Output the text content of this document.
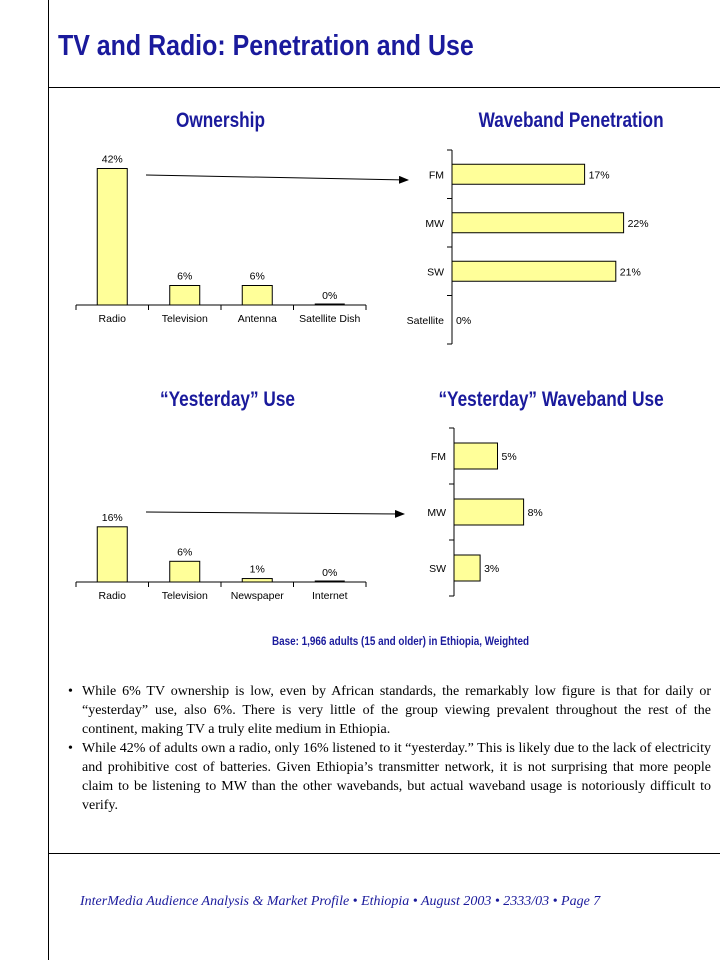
TV and Radio: Penetration and Use
Ownership	Waveband Penetration
“Yesterday” Use	“Yesterday” Waveband Use
42%
Radio
6%
Television
6%
Antenna
0%
Satellite Dish
17%
FM
22%
MW
21%
SW
0%
Satellite
16%
Radio
6%
Television
1%
Newspaper
0%
Internet
5%
FM
8%
MW
3%
SW
Base: 1,966 adults (15 and older) in Ethiopia, Weighted
• While 6% TV ownership is low, even by African standards, the remarkably low figure is that for daily or “yesterday” use, also 6%. There is very little of the group viewing prevalent throughout the rest of the continent, making TV a truly elite medium in Ethiopia.
• While 42% of adults own a radio, only 16% listened to it “yesterday.” This is likely due to the lack of electricity and prohibitive cost of batteries. Given Ethiopia’s transmitter network, it is not surprising that more people claim to be listening to MW than the other wavebands, but actual waveband usage is notoriously difficult to verify.
InterMedia Audience Analysis & Market Profile • Ethiopia • August 2003 • 2333/03 • Page 7
